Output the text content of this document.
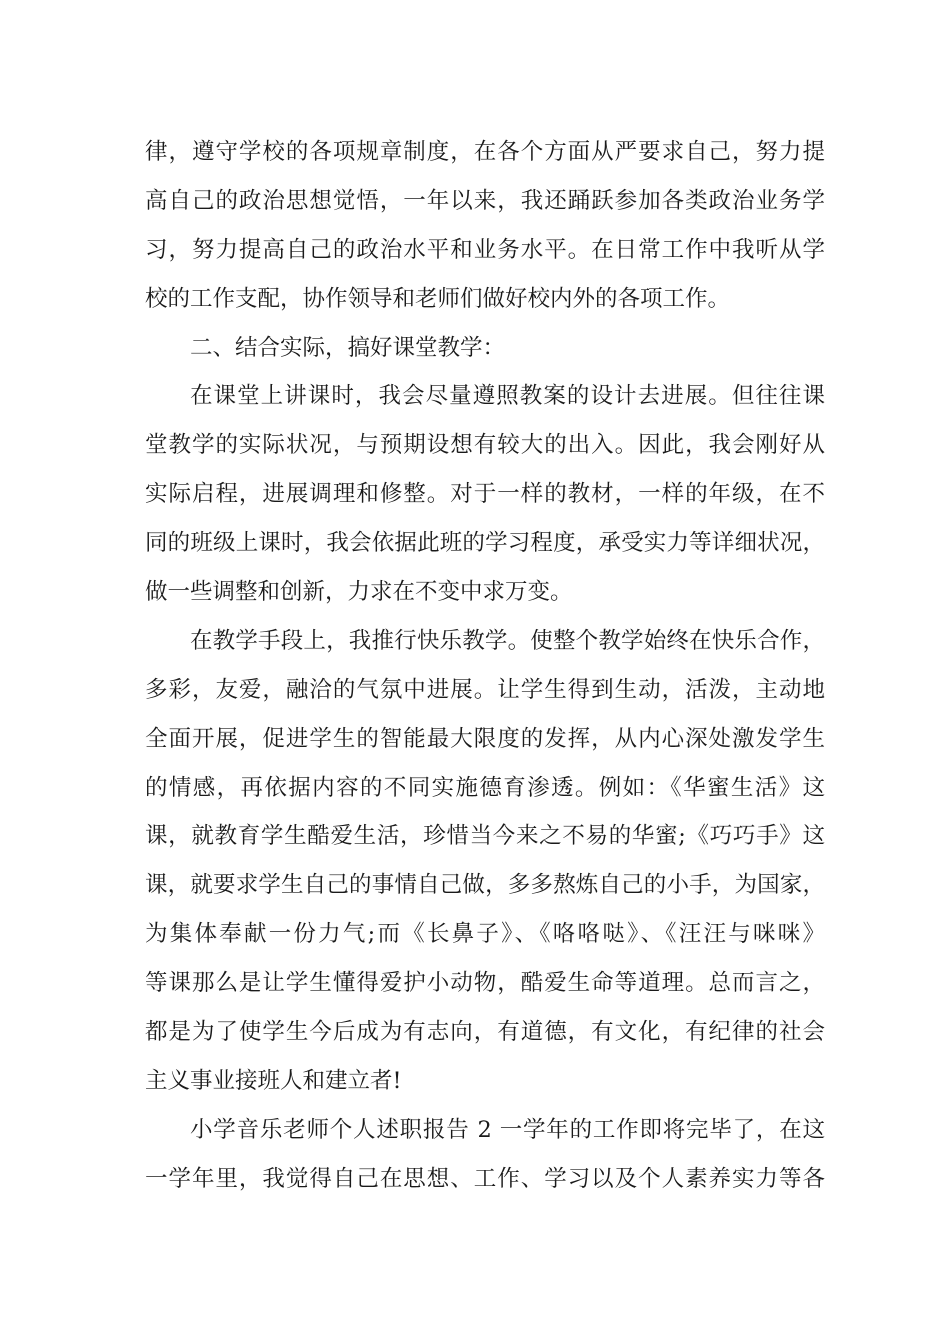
律，遵守学校的各项规章制度，在各个方面从严要求自己，努力提
高自己的政治思想觉悟，一年以来，我还踊跃参加各类政治业务学
习，努力提高自己的政治水平和业务水平。在日常工作中我听从学
校的工作支配，协作领导和老师们做好校内外的各项工作。
二、结合实际，搞好课堂教学：
在课堂上讲课时，我会尽量遵照教案的设计去进展。但往往课
堂教学的实际状况，与预期设想有较大的出入。因此，我会刚好从
实际启程，进展调理和修整。对于一样的教材，一样的年级，在不
同的班级上课时，我会依据此班的学习程度，承受实力等详细状况，
做一些调整和创新，力求在不变中求万变。
在教学手段上，我推行快乐教学。使整个教学始终在快乐合作，
多彩，友爱，融洽的气氛中进展。让学生得到生动，活泼，主动地
全面开展，促进学生的智能最大限度的发挥，从内心深处激发学生
的情感，再依据内容的不同实施德育渗透。例如：《华蜜生活》这
课，就教育学生酷爱生活，珍惜当今来之不易的华蜜;《巧巧手》这
课，就要求学生自己的事情自己做，多多熬炼自己的小手，为国家，
为集体奉献一份力气;而《长鼻子》、《咯咯哒》、《汪汪与咪咪》
等课那么是让学生懂得爱护小动物，酷爱生命等道理。总而言之，
都是为了使学生今后成为有志向，有道德，有文化，有纪律的社会
主义事业接班人和建立者!
小学音乐老师个人述职报告 2 一学年的工作即将完毕了，在这
一学年里，我觉得自己在思想、工作、学习以及个人素养实力等各
